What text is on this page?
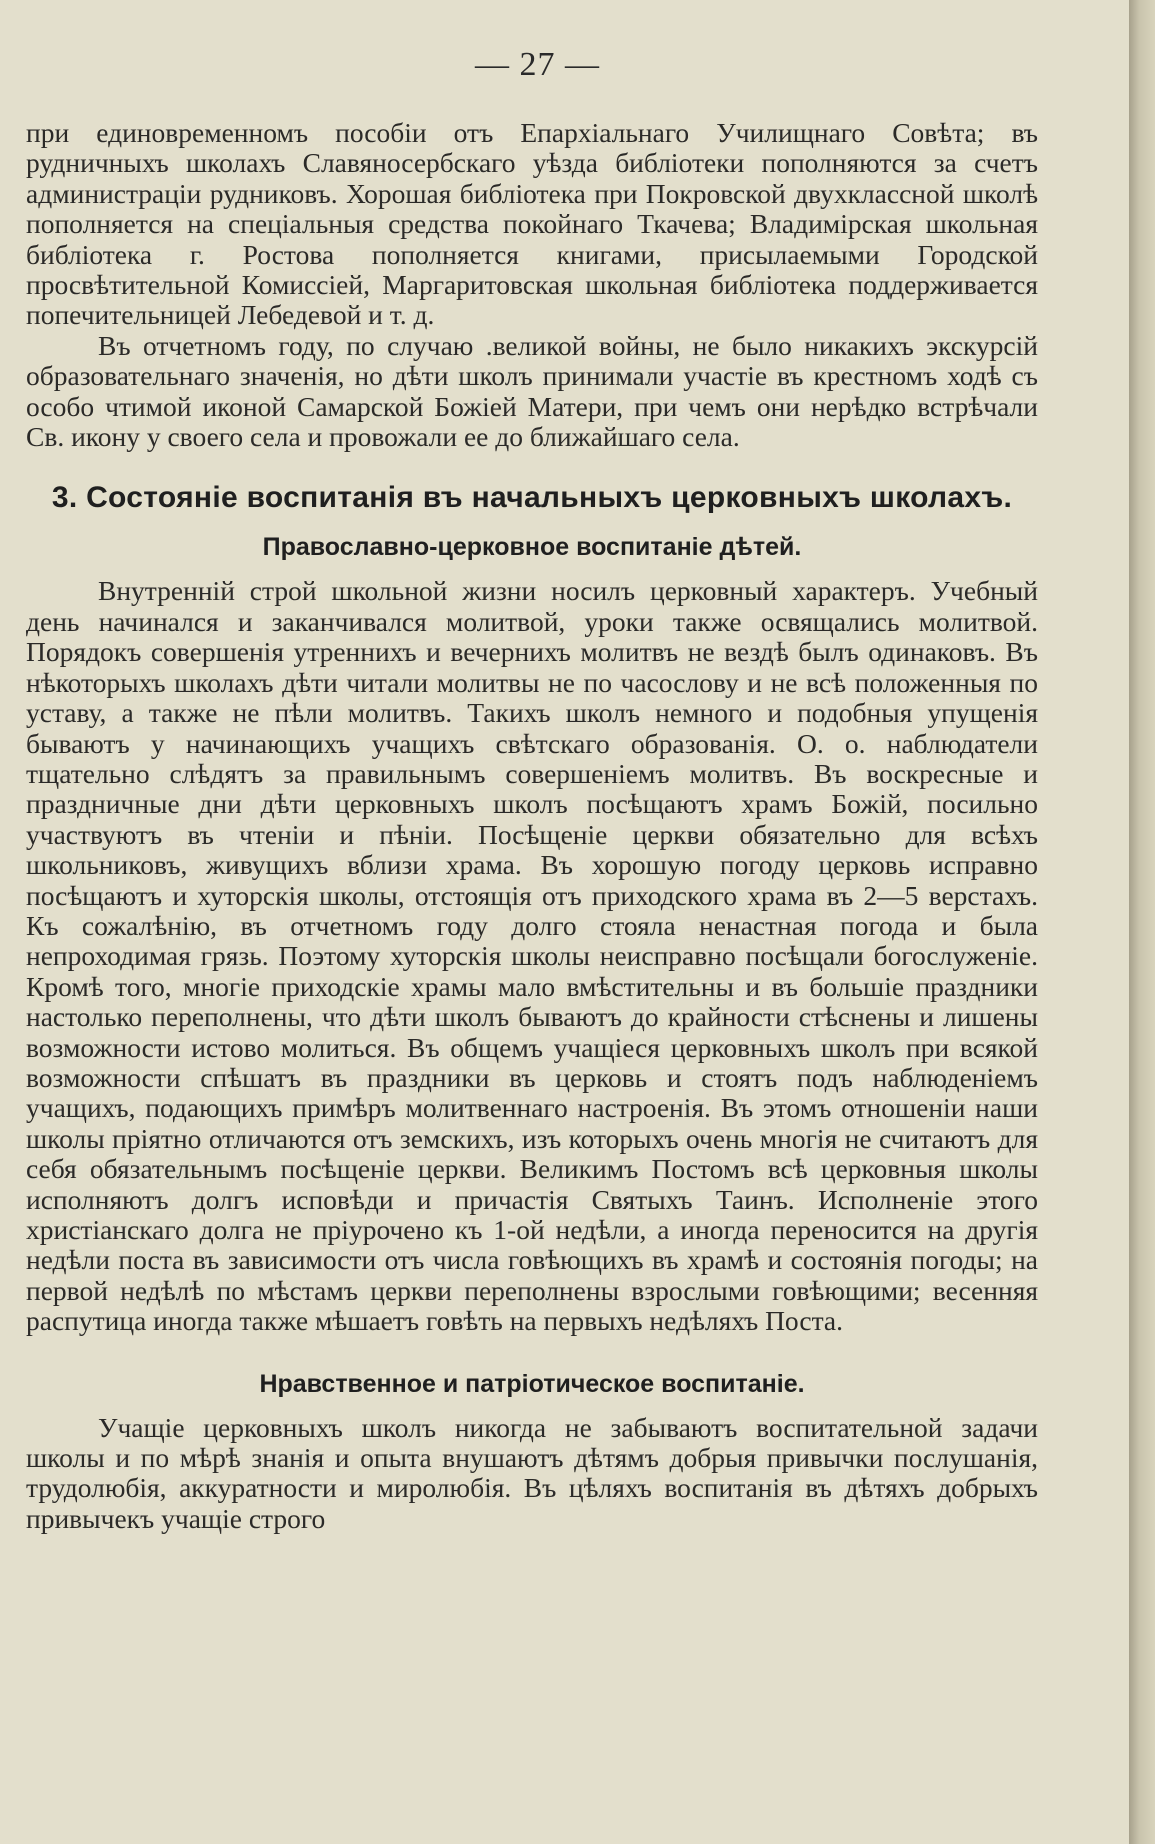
— 27 —

при единовременномъ пособіи отъ Епархіальнаго Училищнаго Совѣта; въ рудничныхъ школахъ Славяносербскаго уѣзда библіотеки пополняются за счетъ администраціи рудниковъ. Хорошая библіотека при Покровской двухклассной школѣ пополняется на спеціальныя средства покойнаго Ткачева; Владимірская школьная библіотека г. Ростова пополняется книгами, присылаемыми Городской просвѣтительной Комиссіей, Маргаритовская школьная библіотека поддерживается попечительницей Лебедевой и т. д.

Въ отчетномъ году, по случаю .великой войны, не было никакихъ экскурсій образовательнаго значенія, но дѣти школъ принимали участіе въ крестномъ ходѣ съ особо чтимой иконой Самарской Божіей Матери, при чемъ они нерѣдко встрѣчали Св. икону у своего села и провожали ее до ближайшаго села.

3. Состояніе воспитанія въ начальныхъ церковныхъ школахъ.
Православно-церковное воспитаніе дѣтей.

Внутренній строй школьной жизни носилъ церковный характеръ. Учебный день начинался и заканчивался молитвой, уроки также освящались молитвой. Порядокъ совершенія утреннихъ и вечернихъ молитвъ не вездѣ былъ одинаковъ. Въ нѣкоторыхъ школахъ дѣти читали молитвы не по часослову и не всѣ положенныя по уставу, а также не пѣли молитвъ. Такихъ школъ немного и подобныя упущенія бываютъ у начинающихъ учащихъ свѣтскаго образованія. О. о. наблюдатели тщательно слѣдятъ за правильнымъ совершеніемъ молитвъ. Въ воскресные и праздничные дни дѣти церковныхъ школъ посѣщаютъ храмъ Божій, посильно участвуютъ въ чтеніи и пѣніи. Посѣщеніе церкви обязательно для всѣхъ школьниковъ, живущихъ вблизи храма. Въ хорошую погоду церковь исправно посѣщаютъ и хуторскія школы, отстоящія отъ приходского храма въ 2—5 верстахъ. Къ сожалѣнію, въ отчетномъ году долго стояла ненастная погода и была непроходимая грязь. Поэтому хуторскія школы неисправно посѣщали богослуженіе. Кромѣ того, многіе приходскіе храмы мало вмѣстительны и въ большіе праздники настолько переполнены, что дѣти школъ бываютъ до крайности стѣснены и лишены возможности истово молиться. Въ общемъ учащіеся церковныхъ школъ при всякой возможности спѣшатъ въ праздники въ церковь и стоятъ подъ наблюденіемъ учащихъ, подающихъ примѣръ молитвеннаго настроенія. Въ этомъ отношеніи наши школы пріятно отличаются отъ земскихъ, изъ которыхъ очень многія не считаютъ для себя обязательнымъ посѣщеніе церкви. Великимъ Постомъ всѣ церковныя школы исполняютъ долгъ исповѣди и причастія Святыхъ Таинъ. Исполненіе этого христіанскаго долга не пріурочено къ 1-ой недѣли, а иногда переносится на другія недѣли поста въ зависимости отъ числа говѣющихъ въ храмѣ и состоянія погоды; на первой недѣлѣ по мѣстамъ церкви переполнены взрослыми говѣющими; весенняя распутица иногда также мѣшаетъ говѣть на первыхъ недѣляхъ Поста.

Нравственное и патріотическое воспитаніе.

Учащіе церковныхъ школъ никогда не забываютъ воспитательной задачи школы и по мѣрѣ знанія и опыта внушаютъ дѣтямъ добрыя привычки послушанія, трудолюбія, аккуратности и миролюбія. Въ цѣляхъ воспитанія въ дѣтяхъ добрыхъ привычекъ учащіе строго
